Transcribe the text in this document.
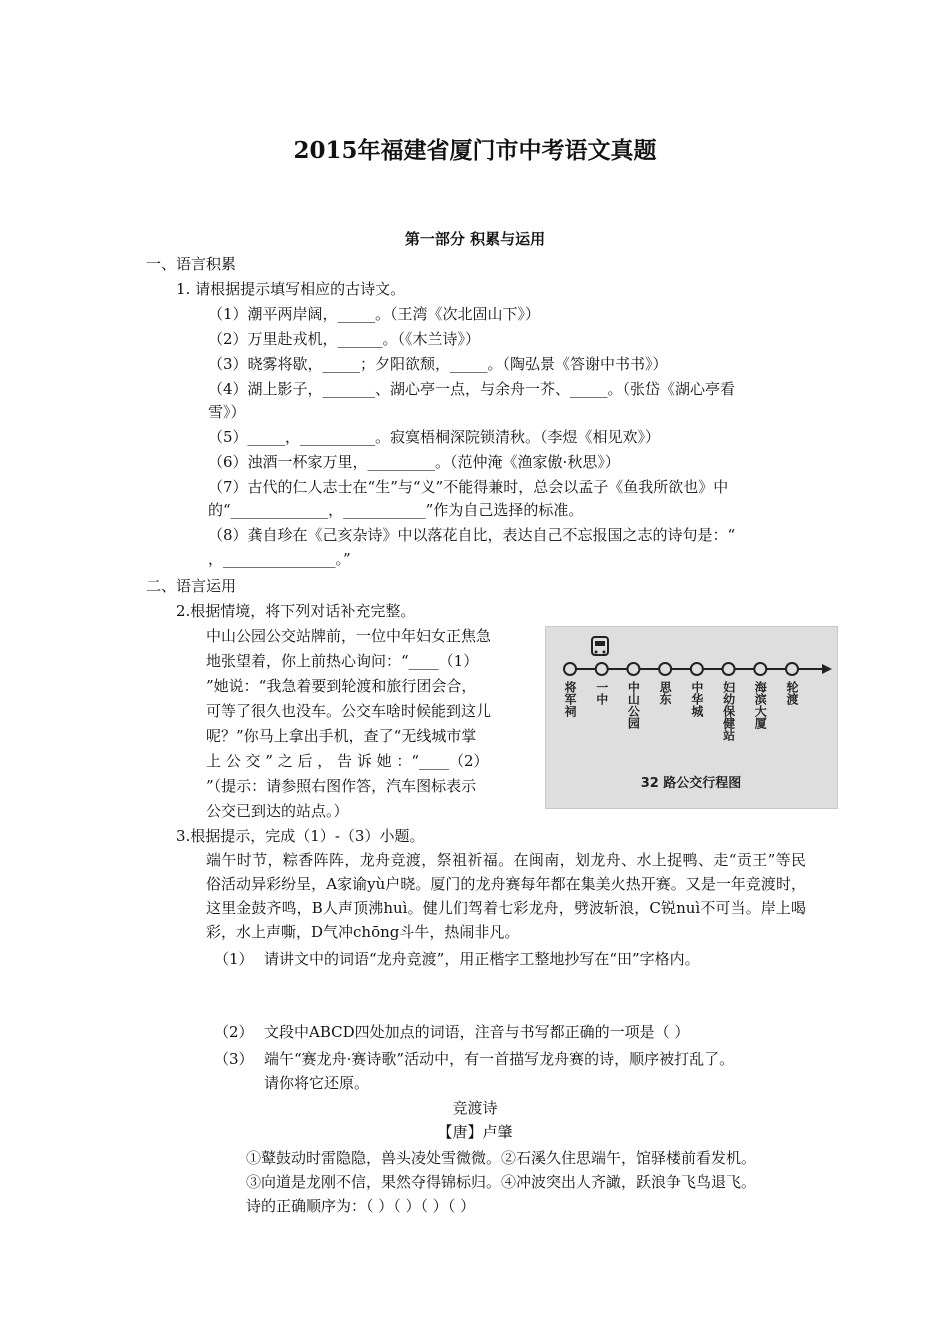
2015年福建省厦门市中考语文真题
第一部分 积累与运用
一、语言积累
1. 请根据提示填写相应的古诗文。
（1）潮平两岸阔，_____。（王湾《次北固山下》）
（2）万里赴戎机，______。（《木兰诗》）
（3）晓雾将歇，_____；夕阳欲颓，_____。（陶弘景《答谢中书书》）
（4）湖上影子，_______、湖心亭一点，与余舟一芥、_____。（张岱《湖心亭看
雪》）
（5）_____，__________。寂寞梧桐深院锁清秋。（李煜《相见欢》）
（6）浊酒一杯家万里，_________。（范仲淹《渔家傲·秋思》）
（7）古代的仁人志士在“生”与“义”不能得兼时，总会以孟子《鱼我所欲也》中
的“_____________，___________”作为自己选择的标准。
（8）龚自珍在《己亥杂诗》中以落花自比，表达自己不忘报国之志的诗句是：“
，_______________。”
二、语言运用
2.根据情境，将下列对话补充完整。
中山公园公交站牌前，一位中年妇女正焦急
地张望着，你上前热心询问：“____（1）
”她说：“我急着要到轮渡和旅行团会合，
可等了很久也没车。公交车啥时候能到这儿
呢？”你马上拿出手机，查了“无线城市掌
上 公 交 ” 之 后 ， 告 诉 她 ：“____（2）
”（提示：请参照右图作答，汽车图标表示
公交已到达的站点。）
32 路公交行程图
将军祠 一中 中山公园 思东 中华城 妇幼保健站 海滨大厦 轮渡
3.根据提示，完成（1）-（3）小题。
端午时节，粽香阵阵，龙舟竞渡，祭祖祈福。在闽南，划龙舟、水上捉鸭、走“贡王”等民俗活动异彩纷呈，A家谕yù户晓。厦门的龙舟赛每年都在集美火热开赛。又是一年竞渡时，这里金鼓齐鸣，B人声顶沸huì。健儿们驾着七彩龙舟，劈波斩浪，C锐nuì不可当。岸上喝彩，水上声嘶，D气冲chōng斗牛，热闹非凡。
（1） 请讲文中的词语“龙舟竞渡”，用正楷字工整地抄写在“田”字格内。
（2） 文段中ABCD四处加点的词语，注音与书写都正确的一项是（ ）
（3） 端午“赛龙舟·赛诗歌”活动中，有一首描写龙舟赛的诗，顺序被打乱了。
请你将它还原。
竞渡诗
【唐】卢肇
①鼙鼓动时雷隐隐，兽头凌处雪微微。②石溪久住思端午，馆驿楼前看发机。
③向道是龙刚不信，果然夺得锦标归。④冲波突出人齐譀，跃浪争飞鸟退飞。
诗的正确顺序为：（ ）（ ）（ ）（ ）
